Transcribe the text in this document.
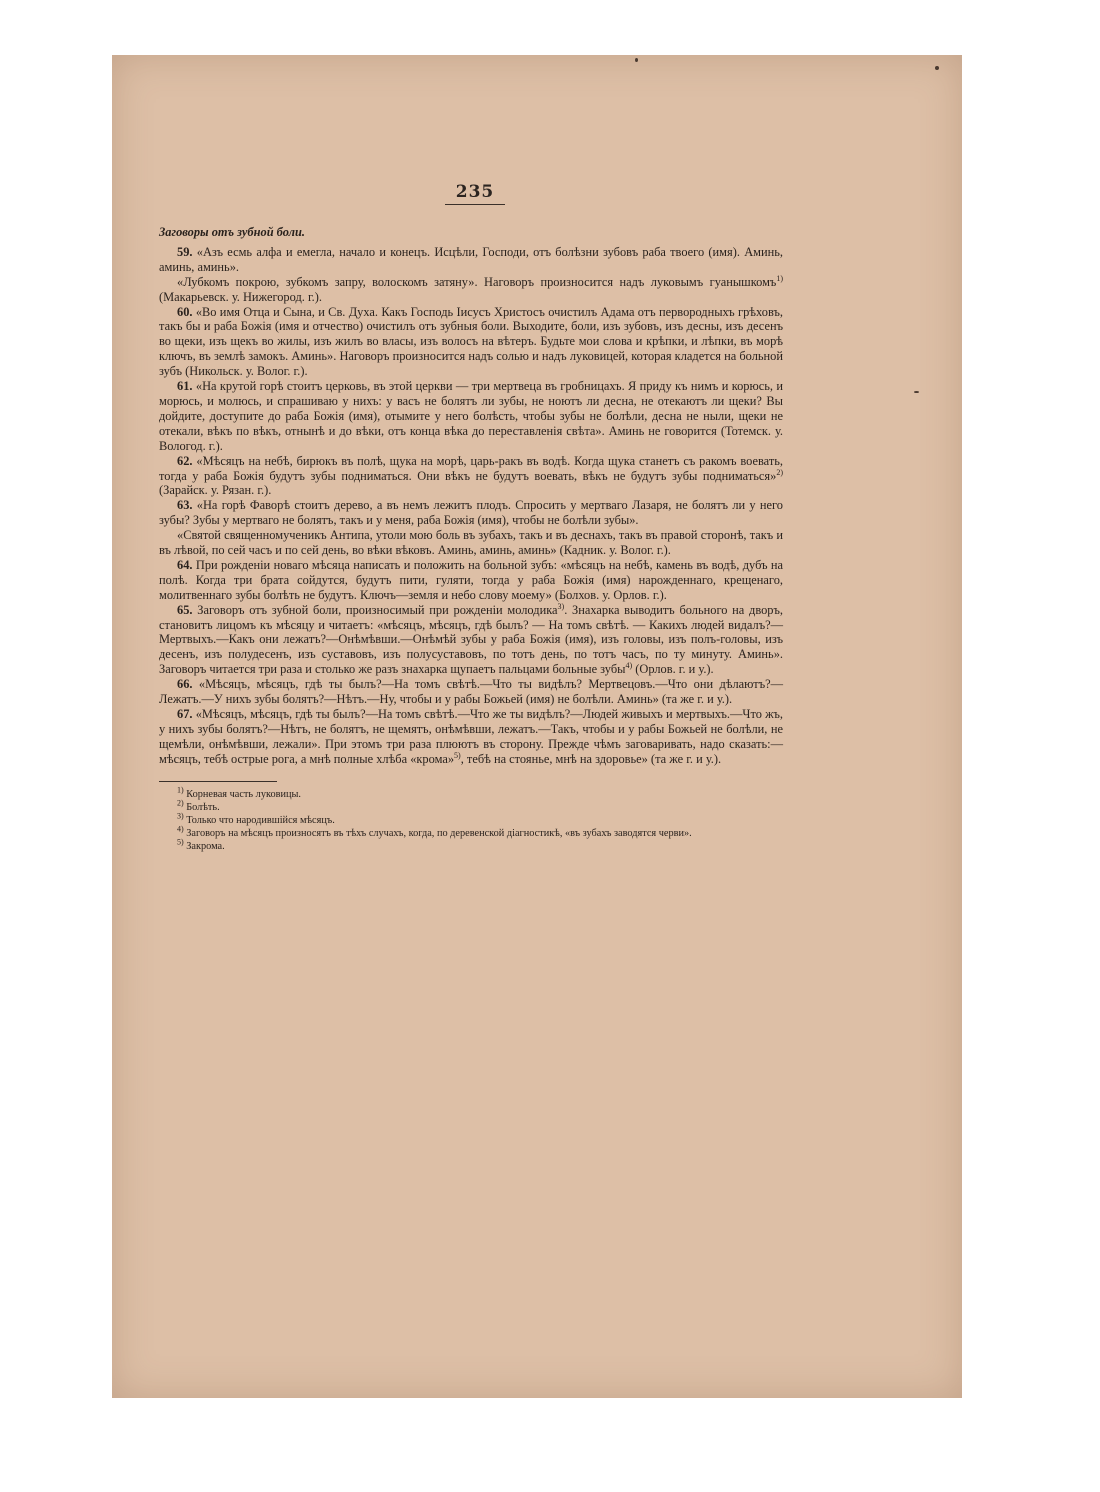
235
Заговоры отъ зубной боли.

59. «Азъ есмь алфа и емегла, начало и конецъ. Исцѣли, Господи, отъ болѣзни зубовъ раба твоего (имя). Аминь, аминь, аминь».

«Лубкомъ покрою, зубкомъ запру, волоскомъ затяну». Наговоръ произносится надъ луковымъ гуанышкомъ$^{1)}$ (Макарьевск. у. Нижегород. г.).

60. «Во имя Отца и Сына, и Св. Духа. Какъ Господь Іисусъ Христосъ очистилъ Адама отъ первородныхъ грѣховъ, такъ бы и раба Божія (имя и отчество) очистилъ отъ зубныя боли. Выходите, боли, изъ зубовъ, изъ десны, изъ десенъ во щеки, изъ щекъ во жилы, изъ жилъ во власы, изъ волосъ на вѣтеръ. Будьте мои слова и крѣпки, и лѣпки, въ морѣ ключъ, въ землѣ замокъ. Аминь». Наговоръ произносится надъ солью и надъ луковицей, которая кладется на больной зубъ (Никольск. у. Волог. г.).

61. «На крутой горѣ стоитъ церковь, въ этой церкви — три мертвеца въ гробницахъ. Я приду къ нимъ и корюсь, и морюсь, и молюсь, и спрашиваю у нихъ: у васъ не болятъ ли зубы, не ноютъ ли десна, не отекаютъ ли щеки? Вы дойдите, доступите до раба Божія (имя), отымите у него болѣсть, чтобы зубы не болѣли, десна не ныли, щеки не отекали, вѣкъ по вѣкъ, отнынѣ и до вѣки, отъ конца вѣка до переставленія свѣта». Аминь не говорится (Тотемск. у. Вологод. г.).

62. «Мѣсяцъ на небѣ, бирюкъ въ полѣ, щука на морѣ, царь-ракъ въ водѣ. Когда щука станетъ съ ракомъ воевать, тогда у раба Божія будутъ зубы подниматься. Они вѣкъ не будутъ воевать, вѣкъ не будутъ зубы подниматься»$^{2)}$ (Зарайск. у. Рязан. г.).

63. «На горѣ Фаворѣ стоитъ дерево, а въ немъ лежитъ плодъ. Спросить у мертваго Лазаря, не болятъ ли у него зубы? Зубы у мертваго не болятъ, такъ и у меня, раба Божія (имя), чтобы не болѣли зубы».

«Святой священномученикъ Антипа, утоли мою боль въ зубахъ, такъ и въ деснахъ, такъ въ правой сторонѣ, такъ и въ лѣвой, по сей часъ и по сей день, во вѣки вѣковъ. Аминь, аминь, аминь» (Кадник. у. Волог. г.).

64. При рожденіи новаго мѣсяца написать и положить на больной зубъ: «мѣсяцъ на небѣ, камень въ водѣ, дубъ на полѣ. Когда три брата сойдутся, будутъ пити, гуляти, тогда у раба Божія (имя) нарожденнаго, крещенаго, молитвеннаго зубы болѣть не будутъ. Ключъ—земля и небо слову моему» (Болхов. у. Орлов. г.).

65. Заговоръ отъ зубной боли, произносимый при рожденіи молодика$^{3)}$. Знахарка выводитъ больного на дворъ, становитъ лицомъ къ мѣсяцу и читаетъ: «мѣсяцъ, мѣсяцъ, гдѣ былъ? — На томъ свѣтѣ. — Какихъ людей видалъ?—Мертвыхъ.—Какъ они лежатъ?—Онѣмѣвши.—Онѣмѣй зубы у раба Божія (имя), изъ головы, изъ полъ-головы, изъ десенъ, изъ полудесенъ, изъ суставовъ, изъ полусуставовъ, по тотъ день, по тотъ часъ, по ту минуту. Аминь». Заговоръ читается три раза и столько же разъ знахарка щупаетъ пальцами больные зубы$^{4)}$ (Орлов. г. и у.).

66. «Мѣсяцъ, мѣсяцъ, гдѣ ты былъ?—На томъ свѣтѣ.—Что ты видѣлъ? Мертвецовъ.—Что они дѣлаютъ?—Лежатъ.—У нихъ зубы болятъ?—Нѣтъ.—Ну, чтобы и у рабы Божьей (имя) не болѣли. Аминь» (та же г. и у.).

67. «Мѣсяцъ, мѣсяцъ, гдѣ ты былъ?—На томъ свѣтѣ.—Что же ты видѣлъ?—Людей живыхъ и мертвыхъ.—Что жъ, у нихъ зубы болятъ?—Нѣтъ, не болятъ, не щемятъ, онѣмѣвши, лежатъ.—Такъ, чтобы и у рабы Божьей не болѣли, не щемѣли, онѣмѣвши, лежали». При этомъ три раза плюютъ въ сторону. Прежде чѣмъ заговаривать, надо сказать:—мѣсяцъ, тебѣ острые рога, а мнѣ полные хлѣба «крома»$^{5)}$, тебѣ на стоянье, мнѣ на здоровье» (та же г. и у.).

$^{1)}$ Корневая часть луковицы.

$^{2)}$ Болѣть.

$^{3)}$ Только что народившійся мѣсяцъ.

$^{4)}$ Заговоръ на мѣсяцъ произносятъ въ тѣхъ случахъ, когда, по деревенской діагностикѣ, «въ зубахъ заводятся черви».

$^{5)}$ Закрома.
